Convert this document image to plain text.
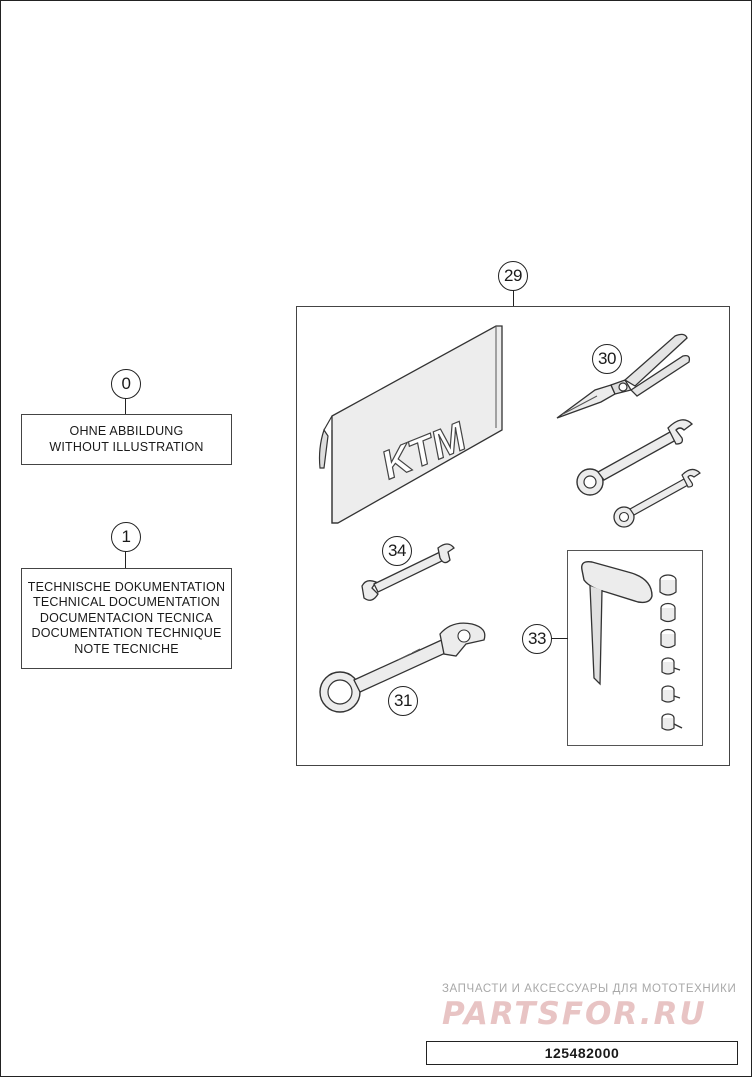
0
OHNE ABBILDUNG
WITHOUT ILLUSTRATION
1
TECHNISCHE DOKUMENTATION
TECHNICAL DOCUMENTATION
DOCUMENTACION TECNICA
DOCUMENTATION TECHNIQUE
NOTE TECNICHE
29
KTM
30
34
31
33
ЗАПЧАСТИ И АКСЕССУАРЫ ДЛЯ МОТОТЕХНИКИ
PARTSFOR.RU
125482000
